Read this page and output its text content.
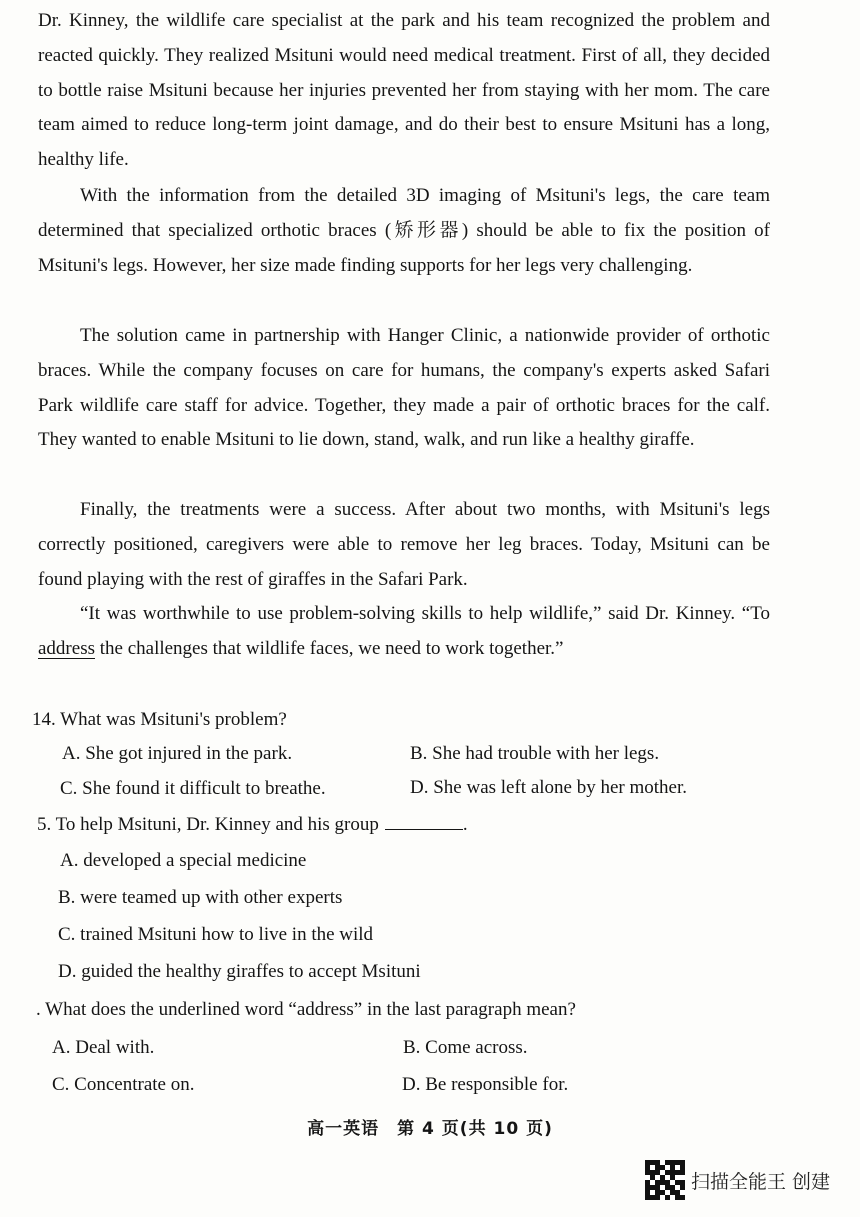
Dr. Kinney, the wildlife care specialist at the park and his team recognized the problem and reacted quickly. They realized Msituni would need medical treatment. First of all, they decided to bottle raise Msituni because her injuries prevented her from staying with her mom. The care team aimed to reduce long-term joint damage, and do their best to ensure Msituni has a long, healthy life.

With the information from the detailed 3D imaging of Msituni's legs, the care team determined that specialized orthotic braces (矫形器) should be able to fix the position of Msituni's legs. However, her size made finding supports for her legs very challenging.

The solution came in partnership with Hanger Clinic, a nationwide provider of orthotic braces. While the company focuses on care for humans, the company's experts asked Safari Park wildlife care staff for advice. Together, they made a pair of orthotic braces for the calf. They wanted to enable Msituni to lie down, stand, walk, and run like a healthy giraffe.

Finally, the treatments were a success. After about two months, with Msituni's legs correctly positioned, caregivers were able to remove her leg braces. Today, Msituni can be found playing with the rest of giraffes in the Safari Park.

“It was worthwhile to use problem-solving skills to help wildlife,” said Dr. Kinney. “To address the challenges that wildlife faces, we need to work together.”

14. What was Msituni's problem?
A. She got injured in the park.	B. She had trouble with her legs.
C. She found it difficult to breathe.	D. She was left alone by her mother.
5. To help Msituni, Dr. Kinney and his group	.
A. developed a special medicine
B. were teamed up with other experts
C. trained Msituni how to live in the wild
D. guided the healthy giraffes to accept Msituni
. What does the underlined word “address” in the last paragraph mean?
A. Deal with.	B. Come across.
C. Concentrate on.	D. Be responsible for.
高一英语　第 4 页(共 10 页)
扫描全能王 创建
